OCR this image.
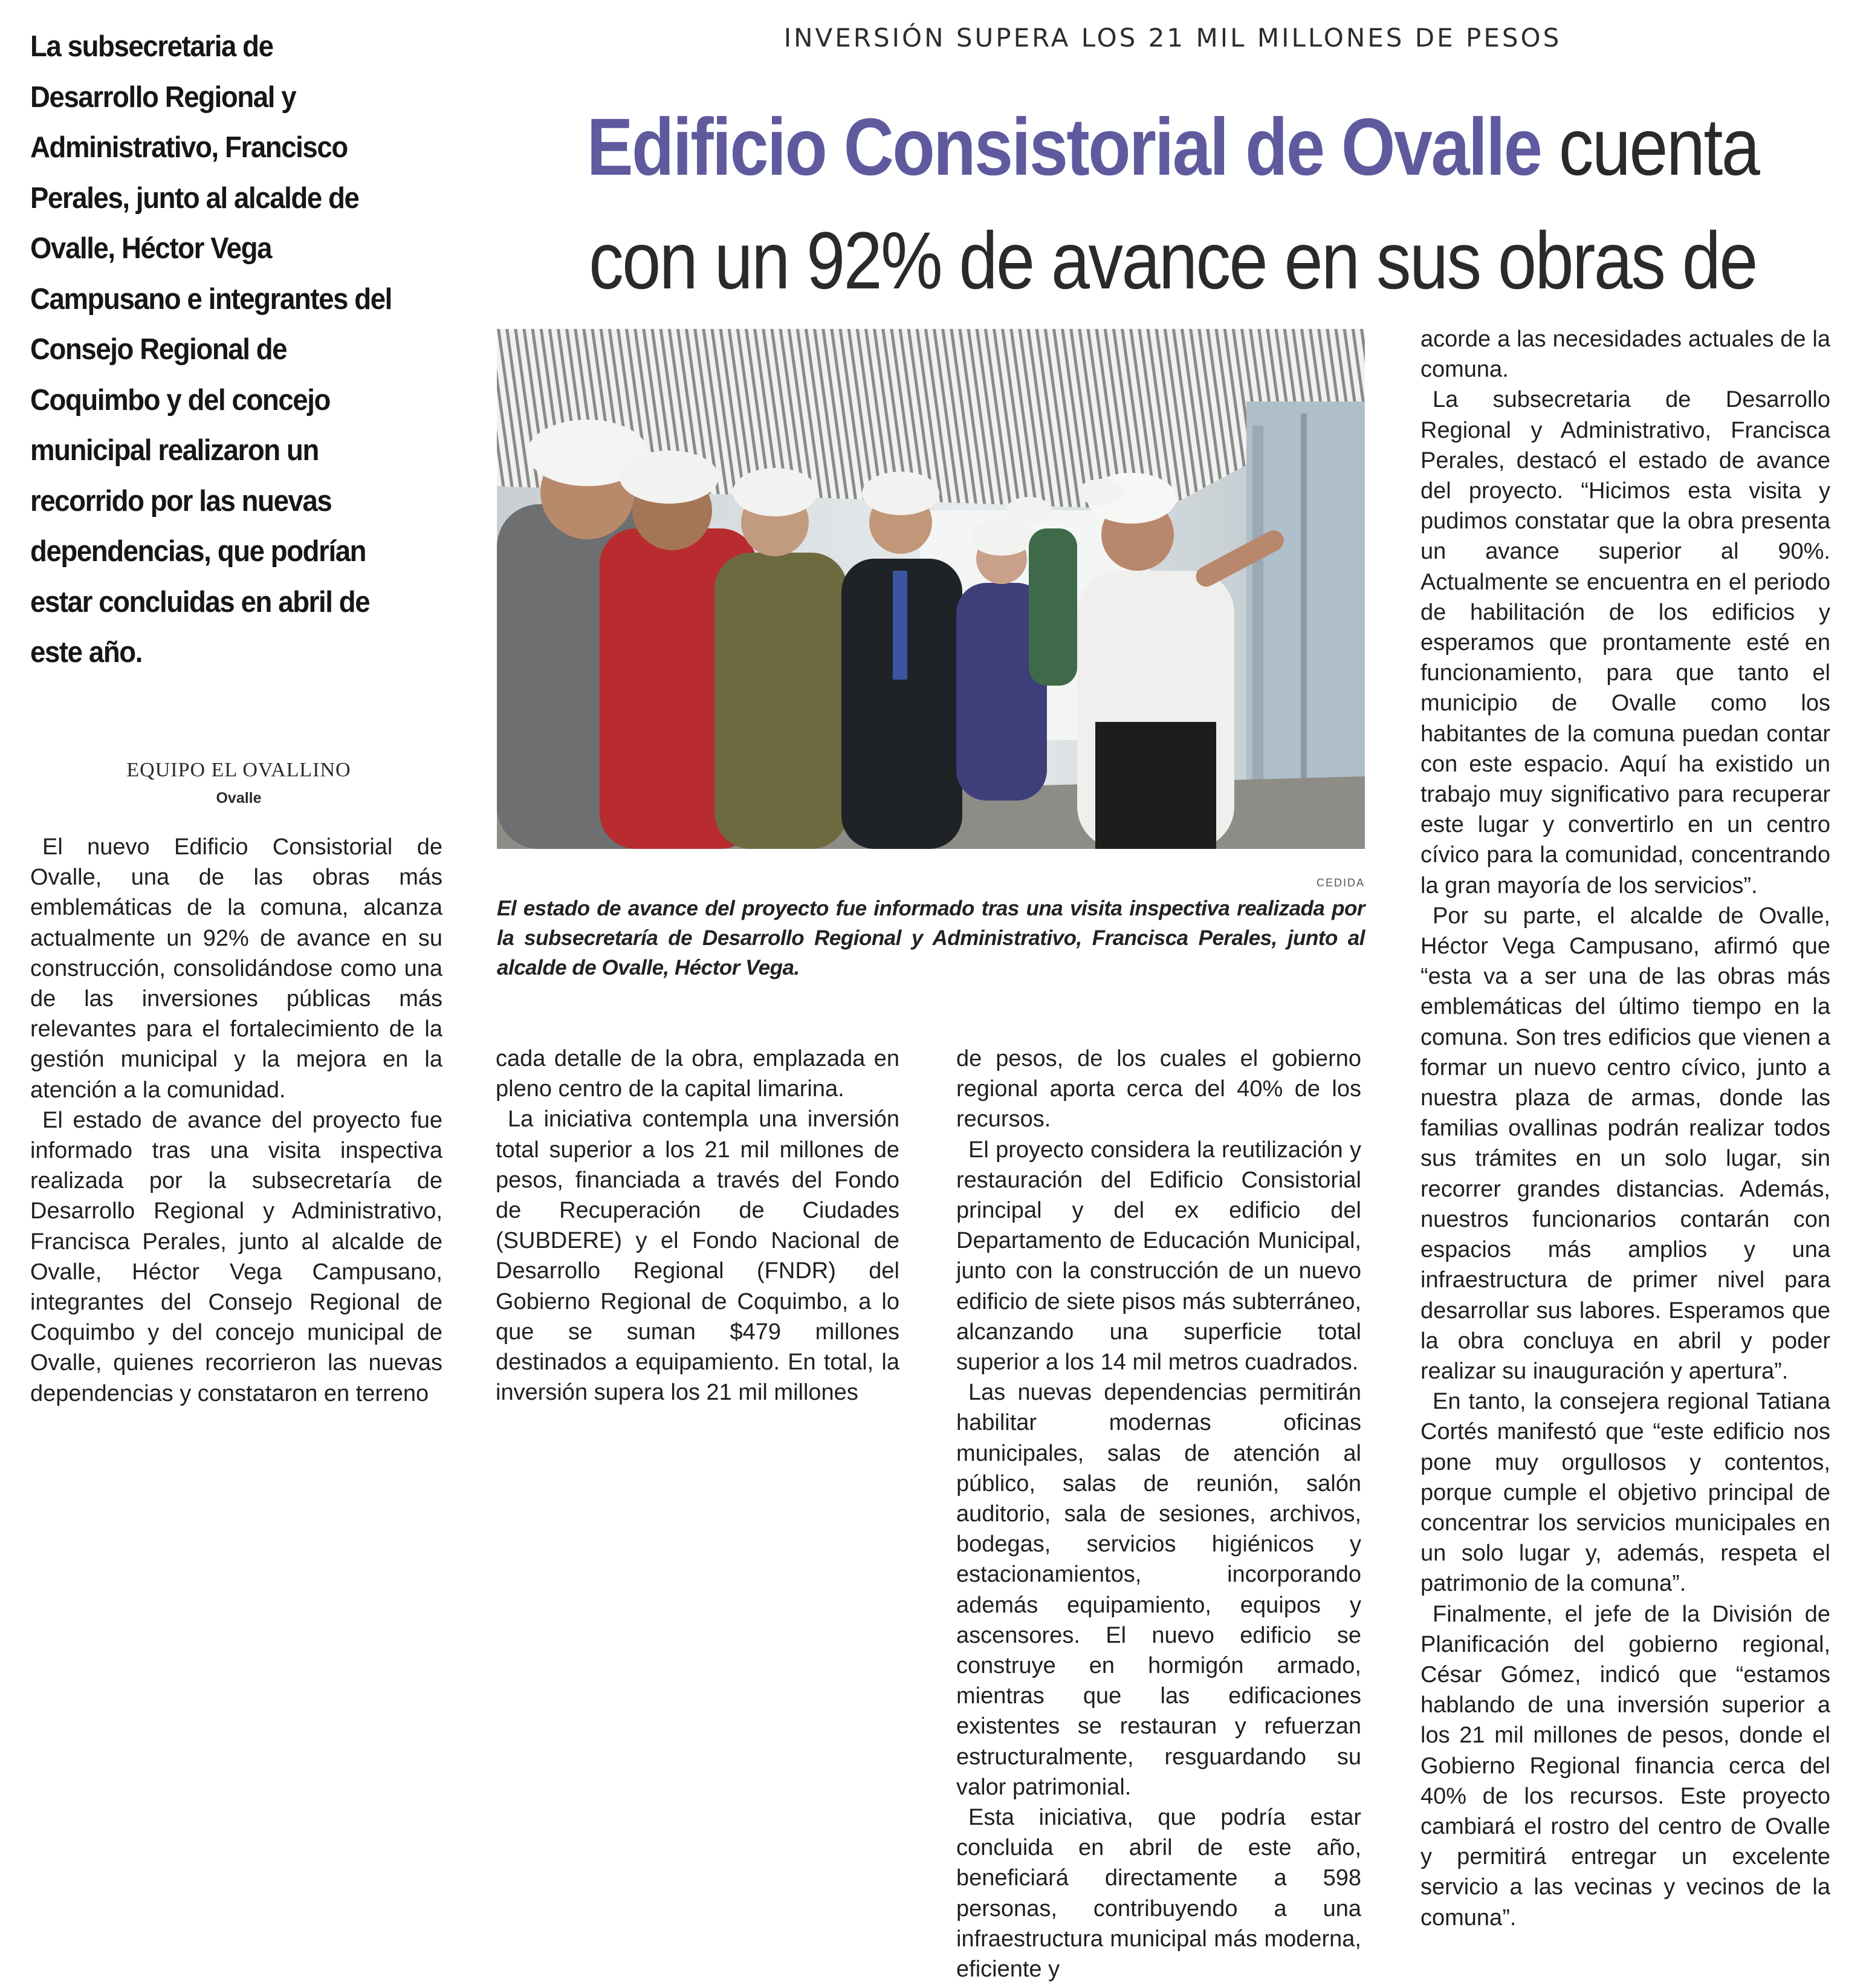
La subsecretaria de Desarrollo Regional y Administrativo, Francisco Perales, junto al alcalde de Ovalle, Héctor Vega Campusano e integrantes del Consejo Regional de Coquimbo y del concejo municipal realizaron un recorrido por las nuevas dependencias, que podrían estar concluidas en abril de este año.
INVERSIÓN SUPERA LOS 21 MIL MILLONES DE PESOS
Edificio Consistorial de Ovalle cuenta con un 92% de avance en sus obras de
EQUIPO EL OVALLINO
Ovalle
CEDIDA
El estado de avance del proyecto fue informado tras una visita inspectiva realizada por la subsecretaría de Desarrollo Regional y Administrativo, Francisca Perales, junto al alcalde de Ovalle, Héctor Vega.

El nuevo Edificio Consistorial de Ovalle, una de las obras más emblemáticas de la comuna, alcanza actualmente un 92% de avance en su construcción, consolidándose como una de las inversiones públicas más relevantes para el fortalecimiento de la gestión municipal y la mejora en la atención a la comunidad.

El estado de avance del proyecto fue informado tras una visita inspectiva realizada por la subsecretaría de Desarrollo Regional y Administrativo, Francisca Perales, junto al alcalde de Ovalle, Héctor Vega Campusano, integrantes del Consejo Regional de Coquimbo y del concejo municipal de Ovalle, quienes recorrieron las nuevas dependencias y constataron en terreno

cada detalle de la obra, emplazada en pleno centro de la capital limarina.

La iniciativa contempla una inversión total superior a los 21 mil millones de pesos, financiada a través del Fondo de Recuperación de Ciudades (SUBDERE) y el Fondo Nacional de Desarrollo Regional (FNDR) del Gobierno Regional de Coquimbo, a lo que se suman $479 millones destinados a equipamiento. En total, la inversión supera los 21 mil millones

de pesos, de los cuales el gobierno regional aporta cerca del 40% de los recursos.

El proyecto considera la reutilización y restauración del Edificio Consistorial principal y del ex edificio del Departamento de Educación Municipal, junto con la construcción de un nuevo edificio de siete pisos más subterráneo, alcanzando una superficie total superior a los 14 mil metros cuadrados.

Las nuevas dependencias permitirán habilitar modernas oficinas municipales, salas de atención al público, salas de reunión, salón auditorio, sala de sesiones, archivos, bodegas, servicios higiénicos y estacionamientos, incorporando además equipamiento, equipos y ascensores. El nuevo edificio se construye en hormigón armado, mientras que las edificaciones existentes se restauran y refuerzan estructuralmente, resguardando su valor patrimonial.

Esta iniciativa, que podría estar concluida en abril de este año, beneficiará directamente a 598 personas, contribuyendo a una infraestructura municipal más moderna, eficiente y

acorde a las necesidades actuales de la comuna.

La subsecretaria de Desarrollo Regional y Administrativo, Francisca Perales, destacó el estado de avance del proyecto. “Hicimos esta visita y pudimos constatar que la obra presenta un avance superior al 90%. Actualmente se encuentra en el periodo de habilitación de los edificios y esperamos que prontamente esté en funcionamiento, para que tanto el municipio de Ovalle como los habitantes de la comuna puedan contar con este espacio. Aquí ha existido un trabajo muy significativo para recuperar este lugar y convertirlo en un centro cívico para la comunidad, concentrando la gran mayoría de los servicios”.

Por su parte, el alcalde de Ovalle, Héctor Vega Campusano, afirmó que “esta va a ser una de las obras más emblemáticas del último tiempo en la comuna. Son tres edificios que vienen a formar un nuevo centro cívico, junto a nuestra plaza de armas, donde las familias ovallinas podrán realizar todos sus trámites en un solo lugar, sin recorrer grandes distancias. Además, nuestros funcionarios contarán con espacios más amplios y una infraestructura de primer nivel para desarrollar sus labores. Esperamos que la obra concluya en abril y poder realizar su inauguración y apertura”.

En tanto, la consejera regional Tatiana Cortés manifestó que “este edificio nos pone muy orgullosos y contentos, porque cumple el objetivo principal de concentrar los servicios municipales en un solo lugar y, además, respeta el patrimonio de la comuna”.

Finalmente, el jefe de la División de Planificación del gobierno regional, César Gómez, indicó que “estamos hablando de una inversión superior a los 21 mil millones de pesos, donde el Gobierno Regional financia cerca del 40% de los recursos. Este proyecto cambiará el rostro del centro de Ovalle y permitirá entregar un excelente servicio a las vecinas y vecinos de la comuna”.
